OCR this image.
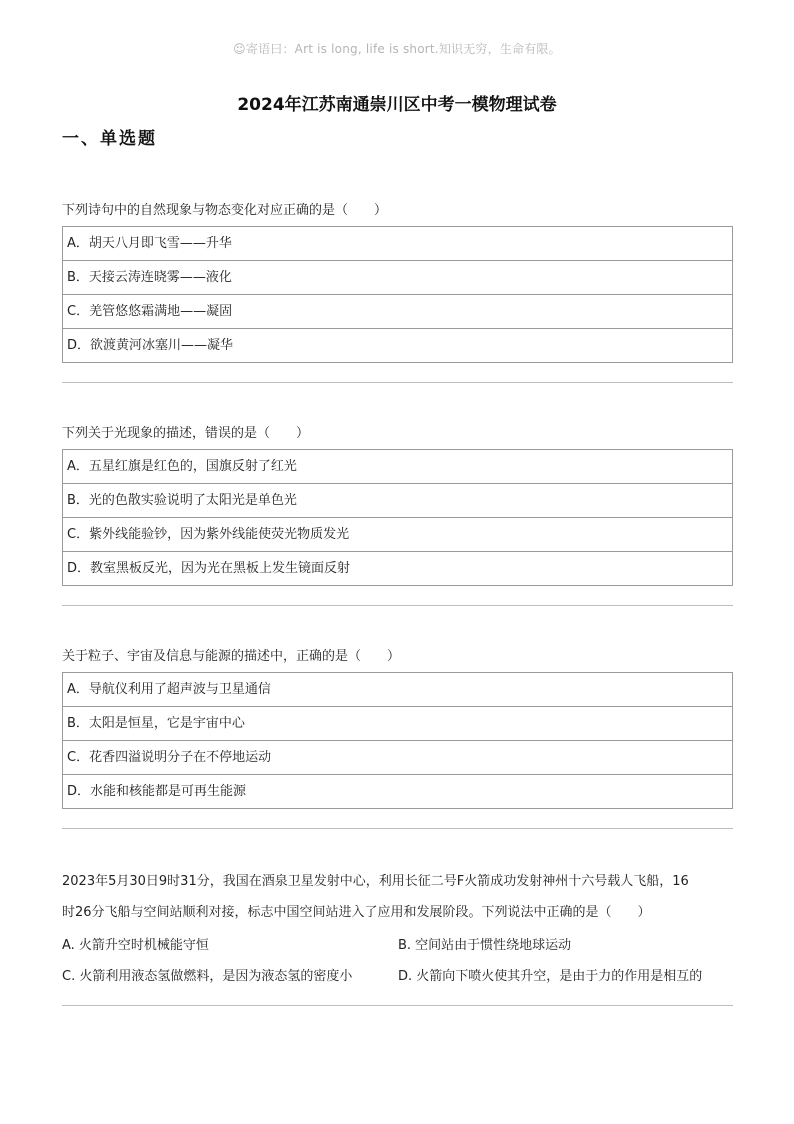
☺寄语曰：Art is long, life is short.知识无穷，生命有限。
2024年江苏南通崇川区中考一模物理试卷
一、单选题
下列诗句中的自然现象与物态变化对应正确的是（　　）
A．胡天八月即飞雪——升华
B．天接云涛连晓雾——液化
C．羌管悠悠霜满地——凝固
D．欲渡黄河冰塞川——凝华
下列关于光现象的描述，错误的是（　　）
A．五星红旗是红色的，国旗反射了红光
B．光的色散实验说明了太阳光是单色光
C．紫外线能验钞，因为紫外线能使荧光物质发光
D．教室黑板反光，因为光在黑板上发生镜面反射
关于粒子、宇宙及信息与能源的描述中，正确的是（　　）
A．导航仪利用了超声波与卫星通信
B．太阳是恒星，它是宇宙中心
C．花香四溢说明分子在不停地运动
D．水能和核能都是可再生能源
2023年5月30日9时31分，我国在酒泉卫星发射中心，利用长征二号F火箭成功发射神州十六号载人飞船，16
时26分飞船与空间站顺利对接，标志中国空间站进入了应用和发展阶段。下列说法中正确的是（　　）
A. 火箭升空时机械能守恒	B. 空间站由于惯性绕地球运动
C. 火箭利用液态氢做燃料，是因为液态氢的密度小	D. 火箭向下喷火使其升空，是由于力的作用是相互的
